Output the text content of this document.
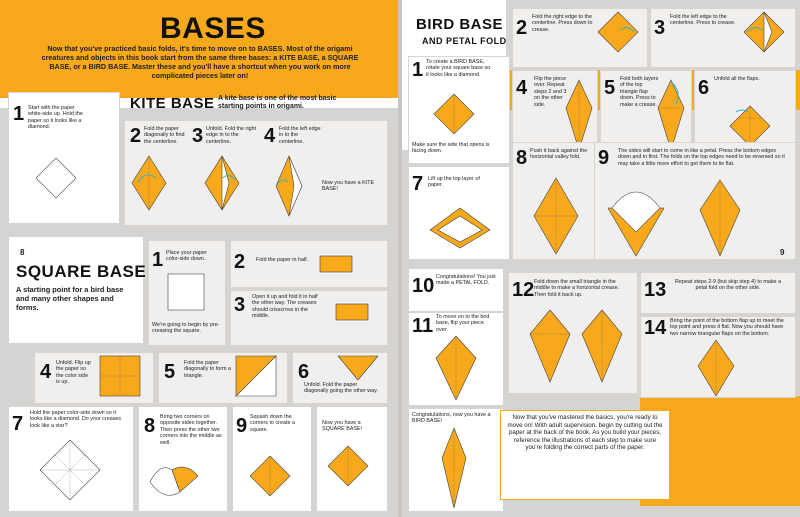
BASES
Now that you've practiced basic folds, it's time to move on to BASES. Most of the origami creatures and objects in this book start from the same three bases: a KITE BASE, a SQUARE BASE, or a BIRD BASE. Master these and you'll have a shortcut when you work on more complicated pieces later on!
1 Start with the paper white-side up. Hold the paper so it looks like a diamond.
KITE BASE A kite base is one of the most basic starting points in origami.
2 Fold the paper diagonally to find the centerline. 3 Unfold. Fold the right edge in to the centerline.	4 Fold the left edge in to the centerline.
Now you have a KITE BASE!
SQUARE BASE
A starting point for a bird base and many other shapes and forms.
1 Place your paper color-side down.
We're going to begin by pre-creasing the square.
2 Fold the paper in half.
3 Open it up and fold it in half the other way. The creases should crisscross in the middle.
4 Unfold. Flip up the paper so the color side is up.	5 Fold the paper diagonally to form a triangle.	6
Unfold. Fold the paper diagonally going the other way.
7 Hold the paper color-side down so it looks like a diamond. Do your creases look like a star?	8 Bring two corners on opposite sides together. Then press the other two corners into the middle as well.
9 Squash down the corners to create a square.
Now you have a SQUARE BASE!
8
BIRD BASE
AND PETAL FOLD
1 To create a BIRD BASE, rotate your square base so it looks like a diamond.
Make sure the side that opens is facing down.
2 Fold the right edge to the centerline. Press down to crease.	3 Fold the left edge to the centerline. Press to crease.
4 Flip the piece over. Repeat steps 2 and 3 on the other side.
5 Fold both layers of the top triangle flap down. Press to make a crease.
6 Unfold all the flaps.
7 Lift up the top layer of paper.
8 Push it back against the horizontal valley fold. 9 The sides will start to come in like a petal. Press the bottom edges down and in first. The folds on the top edges need to be reversed so it may take a little more effort to get them to lie flat.
10 Congratulations! You just made a PETAL FOLD.
11 To move on to the bird base, flip your piece over.
12 Fold down the small triangle in the middle to make a horizontal crease. Then fold it back up.	13	Repeat steps 2-9 (but skip step 4) to make a petal fold on the other side.
14 Bring the point of the bottom flap up to meet the top point and press it flat. Now you should have two narrow triangular flaps on the bottom.
Congratulations, now you have a BIRD BASE!
Now that you've mastered the basics, you're ready to move on! With adult supervision, begin by cutting out the paper at the back of the book. As you build your pieces, reference the illustrations of each step to make sure you're folding the correct parts of the paper.
9
